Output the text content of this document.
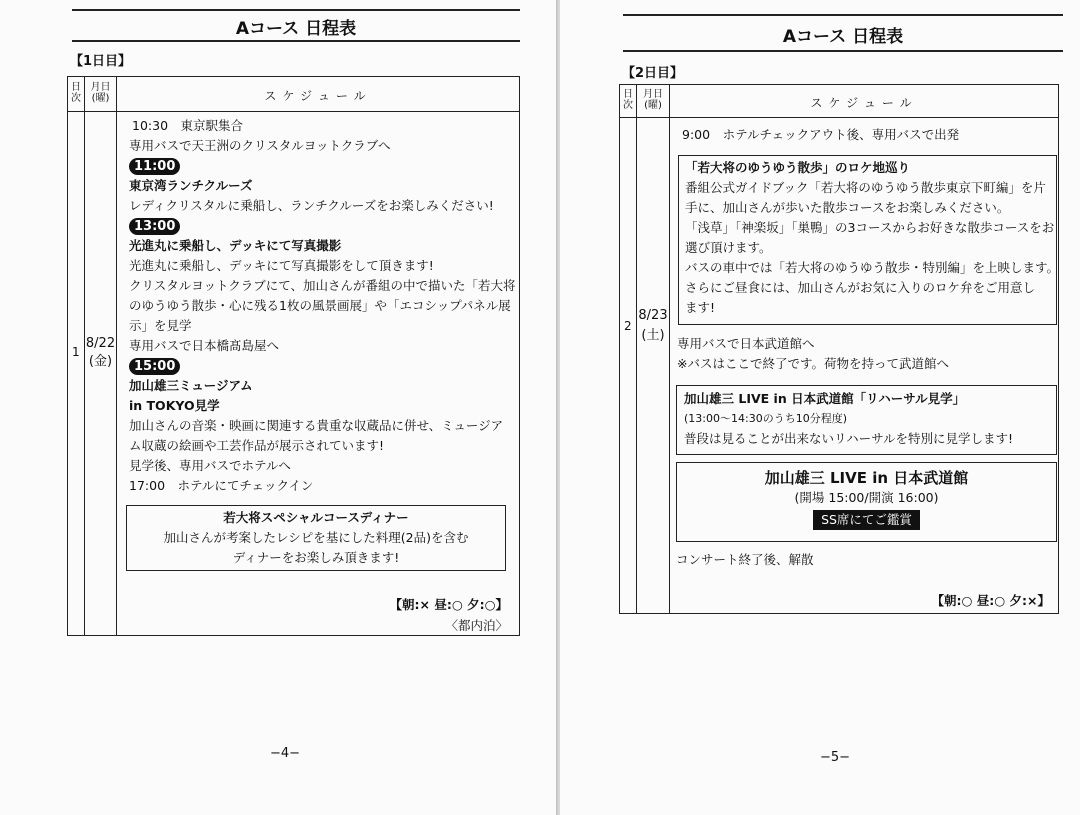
Aコース 日程表
【1日目】
日次
月日(曜)	スケジュール
1
8/22
(金)

10:30　東京駅集合

専用バスで天王洲のクリスタルヨットクラブへ

11:00

東京湾ランチクルーズ

レディクリスタルに乗船し、ランチクルーズをお楽しみください!

13:00

光進丸に乗船し、デッキにて写真撮影

光進丸に乗船し、デッキにて写真撮影をして頂きます!

クリスタルヨットクラブにて、加山さんが番組の中で描いた「若大将

のゆうゆう散歩・心に残る1枚の風景画展」や「エコシップパネル展

示」を見学

専用バスで日本橋髙島屋へ

15:00

加山雄三ミュージアム

in TOKYO見学

加山さんの音楽・映画に関連する貴重な収蔵品に併せ、ミュージア

ム収蔵の絵画や工芸作品が展示されています!

見学後、専用バスでホテルへ

17:00　ホテルにてチェックイン

若大将スペシャルコースディナー

加山さんが考案したレシピを基にした料理(2品)を含む

ディナーをお楽しみ頂きます!

【朝:× 昼:○ 夕:○】

〈都内泊〉

−4−
Aコース 日程表
【2日目】
日次
月日(曜)	スケジュール
2
8/23
(土)

9:00　ホテルチェックアウト後、専用バスで出発

「若大将のゆうゆう散歩」のロケ地巡り

番組公式ガイドブック「若大将のゆうゆう散歩東京下町編」を片

手に、加山さんが歩いた散歩コースをお楽しみください。

「浅草」「神楽坂」「巣鴨」の3コースからお好きな散歩コースをお

選び頂けます。

バスの車中では「若大将のゆうゆう散歩・特別編」を上映します。

さらにご昼食には、加山さんがお気に入りのロケ弁をご用意し

ます!

専用バスで日本武道館へ

※バスはここで終了です。荷物を持って武道館へ

加山雄三 LIVE in 日本武道館「リハーサル見学」

(13:00〜14:30のうち10分程度)

普段は見ることが出来ないリハーサルを特別に見学します!

加山雄三 LIVE in 日本武道館

(開場 15:00/開演 16:00)

SS席にてご鑑賞

コンサート終了後、解散

【朝:○ 昼:○ 夕:×】

−5−
